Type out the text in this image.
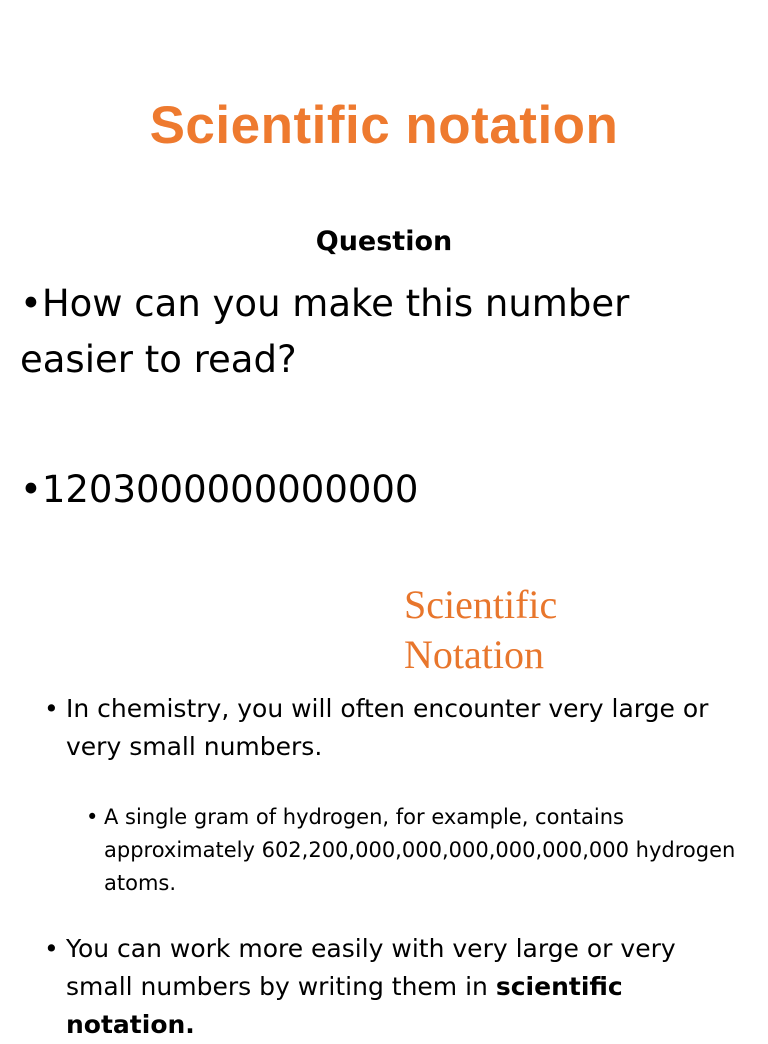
Scientific notation
Question
•How can you make this number easier to read?
•1203000000000000
Scientific
Notation
• In chemistry, you will often encounter very large or very small numbers.
• A single gram of hydrogen, for example, contains approximately 602,200,000,000,000,000,000,000 hydrogen atoms.
• You can work more easily with very large or very small numbers by writing them in scientific notation.
